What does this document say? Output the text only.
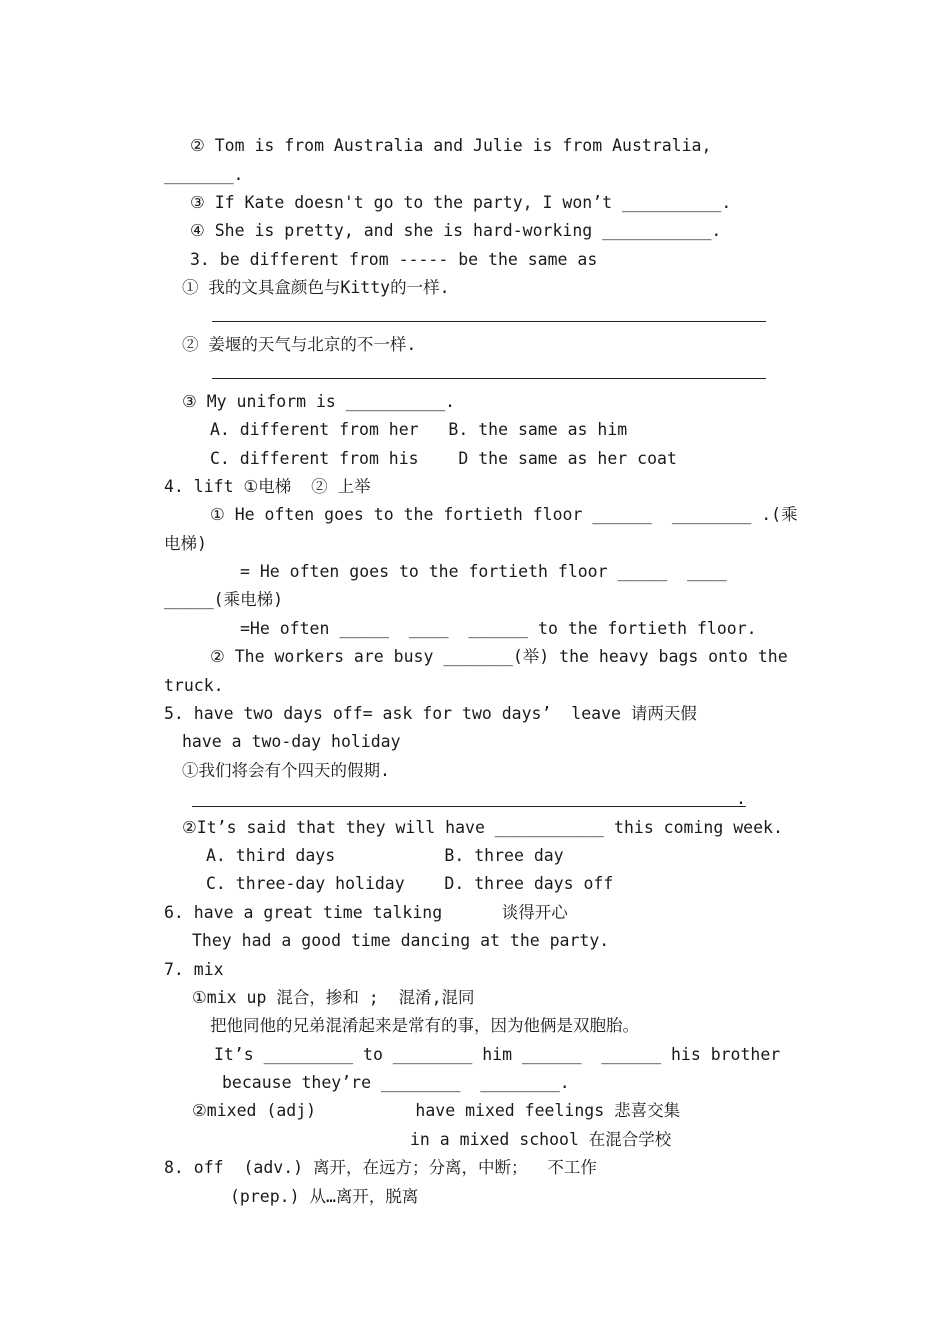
② Tom is from Australia and Julie is from Australia,
_______.
③ If Kate doesn't go to the party, I won’t __________.
④ She is pretty, and she is hard-working ___________.
3. be different from ----- be the same as
① 我的文具盒颜色与Kitty的一样.
② 姜堰的天气与北京的不一样.
③ My uniform is __________.
A. different from her   B. the same as him
C. different from his    D the same as her coat
4. lift ①电梯  ② 上举
① He often goes to the fortieth floor ______  ________ .(乘
电梯)
= He often goes to the fortieth floor _____  ____
_____(乘电梯)
=He often _____  ____  ______ to the fortieth floor.
② The workers are busy _______(举) the heavy bags onto the
truck.
5. have two days off= ask for two days’  leave 请两天假
have a two-day holiday
①我们将会有个四天的假期.
.
②It’s said that they will have ___________ this coming week.
A. third days           B. three day
C. three-day holiday    D. three days off
6. have a great time talking      谈得开心
They had a good time dancing at the party.
7. mix
①mix up 混合，掺和 ;  混淆,混同
把他同他的兄弟混淆起来是常有的事，因为他俩是双胞胎。
It’s _________ to ________ him ______  ______ his brother
because they’re ________  ________.
②mixed (adj)          have mixed feelings 悲喜交集
in a mixed school 在混合学校
8. off  (adv.) 离开，在远方；分离，中断；  不工作
(prep.) 从…离开，脱离
